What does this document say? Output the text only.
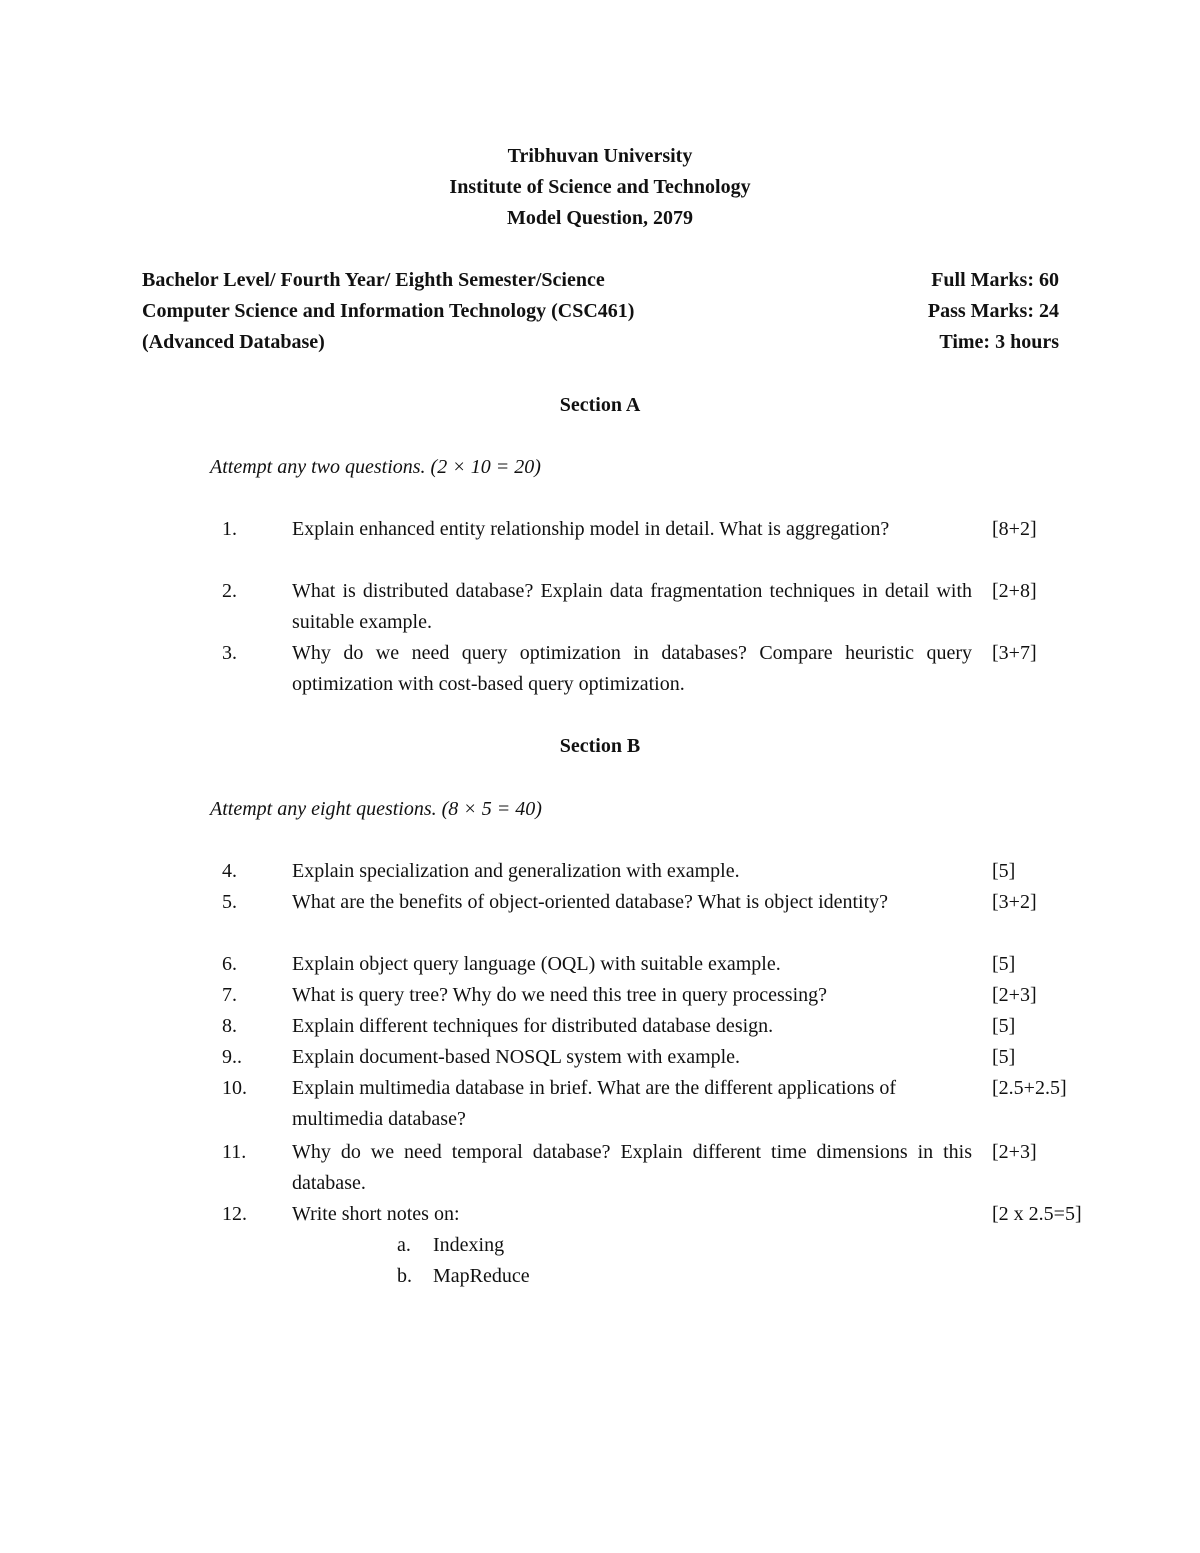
Tribhuvan University
Institute of Science and Technology
Model Question, 2079
Bachelor Level/ Fourth Year/ Eighth Semester/Science
Computer Science and Information Technology (CSC461)
(Advanced Database)
Full Marks: 60
Pass Marks: 24
Time: 3 hours
Section A
Attempt any two questions. (2 × 10 = 20)
1.	Explain enhanced entity relationship model in detail. What is aggregation?	[8+2]
2.	What is distributed database? Explain data fragmentation techniques in detail with suitable example.
[2+8]
3.	Why do we need query optimization in databases? Compare heuristic query optimization with cost-based query optimization.
[3+7]
Section B
Attempt any eight questions. (8 × 5 = 40)
4.	Explain specialization and generalization with example.	[5]
5.	What are the benefits of object-oriented database? What is object identity?	[3+2]
6.	Explain object query language (OQL) with suitable example.	[5]
7.	What is query tree? Why do we need this tree in query processing?	[2+3]
8.	Explain different techniques for distributed database design.	[5]
9..	Explain document-based NOSQL system with example.	[5]
10. Explain multimedia database in brief. What are the different applications of multimedia database?
[2.5+2.5]
11. Why do we need temporal database? Explain different time dimensions in this database.
[2+3]
12. Write short notes on:	[2 x 2.5=5]
a. Indexing
b. MapReduce
